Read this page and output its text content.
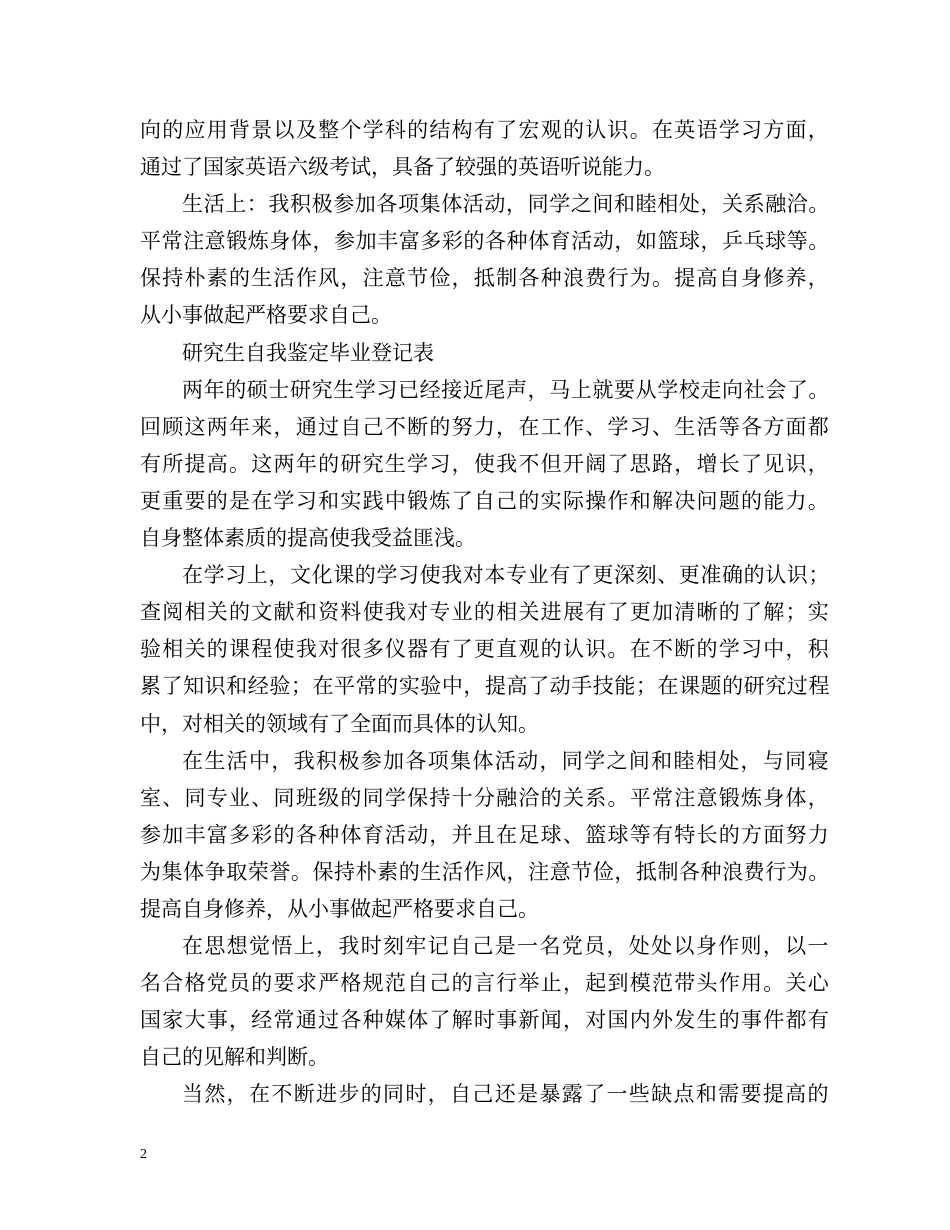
向的应用背景以及整个学科的结构有了宏观的认识。在英语学习方面，
通过了国家英语六级考试，具备了较强的英语听说能力。
生活上：我积极参加各项集体活动，同学之间和睦相处，关系融洽。
平常注意锻炼身体，参加丰富多彩的各种体育活动，如篮球，乒乓球等。
保持朴素的生活作风，注意节俭，抵制各种浪费行为。提高自身修养，
从小事做起严格要求自己。
研究生自我鉴定毕业登记表
两年的硕士研究生学习已经接近尾声，马上就要从学校走向社会了。
回顾这两年来，通过自己不断的努力，在工作、学习、生活等各方面都
有所提高。这两年的研究生学习，使我不但开阔了思路，增长了见识，
更重要的是在学习和实践中锻炼了自己的实际操作和解决问题的能力。
自身整体素质的提高使我受益匪浅。
在学习上，文化课的学习使我对本专业有了更深刻、更准确的认识；
查阅相关的文献和资料使我对专业的相关进展有了更加清晰的了解；实
验相关的课程使我对很多仪器有了更直观的认识。在不断的学习中，积
累了知识和经验；在平常的实验中，提高了动手技能；在课题的研究过程
中，对相关的领域有了全面而具体的认知。
在生活中，我积极参加各项集体活动，同学之间和睦相处，与同寝
室、同专业、同班级的同学保持十分融洽的关系。平常注意锻炼身体，
参加丰富多彩的各种体育活动，并且在足球、篮球等有特长的方面努力
为集体争取荣誉。保持朴素的生活作风，注意节俭，抵制各种浪费行为。
提高自身修养，从小事做起严格要求自己。
在思想觉悟上，我时刻牢记自己是一名党员，处处以身作则，以一
名合格党员的要求严格规范自己的言行举止，起到模范带头作用。关心
国家大事，经常通过各种媒体了解时事新闻，对国内外发生的事件都有
自己的见解和判断。
当然，在不断进步的同时，自己还是暴露了一些缺点和需要提高的
2
